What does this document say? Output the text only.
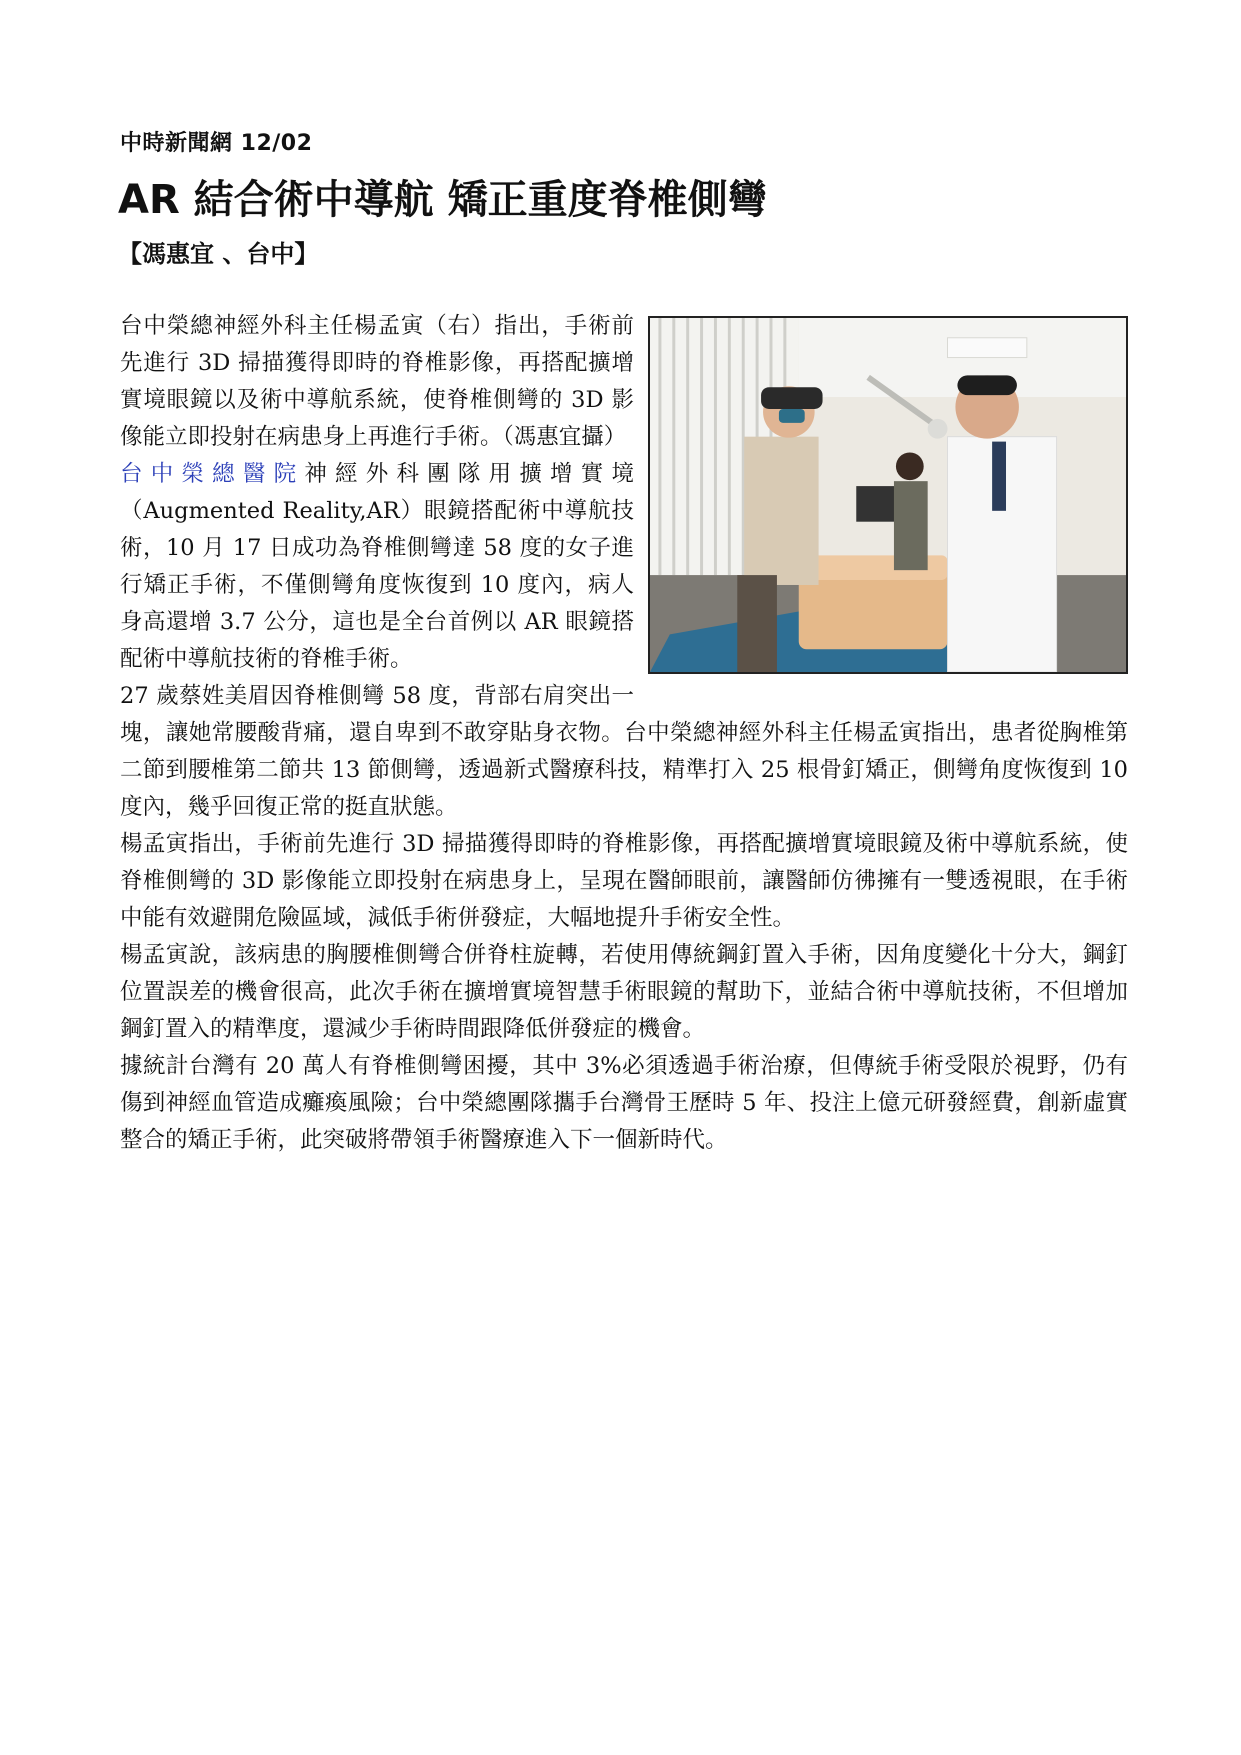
中時新聞網 12/02
AR 結合術中導航 矯正重度脊椎側彎
【馮惠宜 、台中】

台中榮總神經外科主任楊孟寅（右）指出，手術前先進行 3D 掃描獲得即時的脊椎影像，再搭配擴增實境眼鏡以及術中導航系統，使脊椎側彎的 3D 影像能立即投射在病患身上再進行手術。（馮惠宜攝）

台中榮總醫院神經外科團隊用擴增實境（Augmented Reality,AR）眼鏡搭配術中導航技術，10 月 17 日成功為脊椎側彎達 58 度的女子進行矯正手術，不僅側彎角度恢復到 10 度內，病人身高還增 3.7 公分，這也是全台首例以 AR 眼鏡搭配術中導航技術的脊椎手術。

27 歲蔡姓美眉因脊椎側彎 58 度，背部右肩突出一塊，讓她常腰酸背痛，還自卑到不敢穿貼身衣物。台中榮總神經外科主任楊孟寅指出，患者從胸椎第二節到腰椎第二節共 13 節側彎，透過新式醫療科技，精準打入 25 根骨釘矯正，側彎角度恢復到 10 度內，幾乎回復正常的挺直狀態。

楊孟寅指出，手術前先進行 3D 掃描獲得即時的脊椎影像，再搭配擴增實境眼鏡及術中導航系統，使脊椎側彎的 3D 影像能立即投射在病患身上，呈現在醫師眼前，讓醫師仿彿擁有一雙透視眼，在手術中能有效避開危險區域，減低手術併發症，大幅地提升手術安全性。

楊孟寅說，該病患的胸腰椎側彎合併脊柱旋轉，若使用傳統鋼釘置入手術，因角度變化十分大，鋼釘位置誤差的機會很高，此次手術在擴增實境智慧手術眼鏡的幫助下，並結合術中導航技術，不但增加鋼釘置入的精準度，還減少手術時間跟降低併發症的機會。

據統計台灣有 20 萬人有脊椎側彎困擾，其中 3%必須透過手術治療，但傳統手術受限於視野，仍有傷到神經血管造成癱瘓風險；台中榮總團隊攜手台灣骨王歷時 5 年、投注上億元研發經費，創新虛實整合的矯正手術，此突破將帶領手術醫療進入下一個新時代。
